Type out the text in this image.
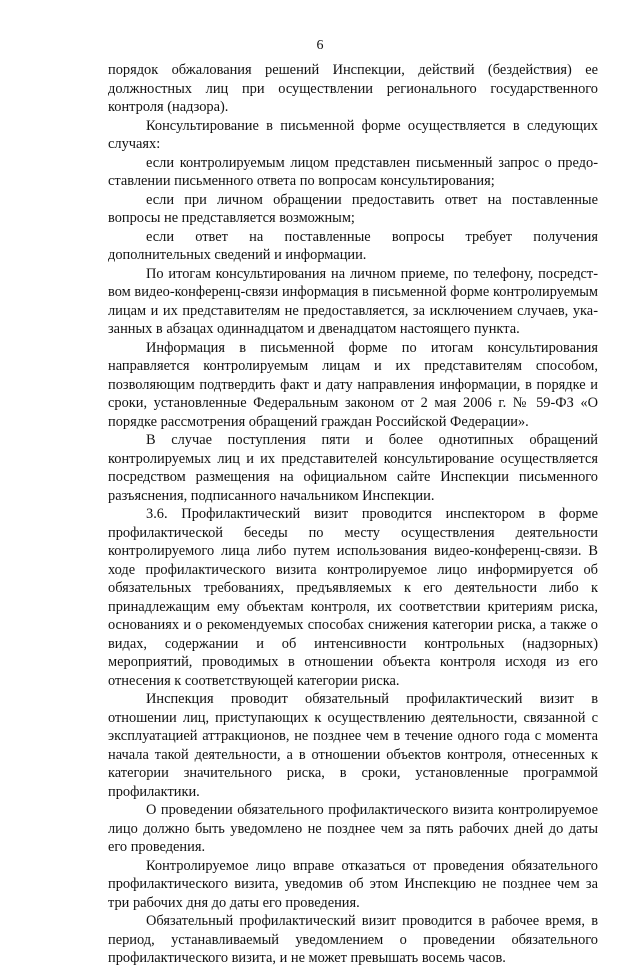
6

порядок обжалования решений Инспекции, действий (бездействия) ее должностных лиц при осуществлении регионального государственного контроля (надзора).

Консультирование в письменной форме осуществляется в следующих случаях:

если контролируемым лицом представлен письменный запрос о предоставлении письменного ответа по вопросам консультирования;

если при личном обращении предоставить ответ на поставленные вопросы не представляется возможным;

если ответ на поставленные вопросы требует получения дополнительных сведений и информации.

По итогам консультирования на личном приеме, по телефону, посредством видео-конференц-связи информация в письменной форме контролируемым лицам и их представителям не предоставляется, за исключением случаев, указанных в абзацах одиннадцатом и двенадцатом настоящего пункта.

Информация в письменной форме по итогам консультирования направляется контролируемым лицам и их представителям способом, позволяющим подтвердить факт и дату направления информации, в порядке и сроки, установленные Федеральным законом от 2 мая 2006 г. № 59-ФЗ «О порядке рассмотрения обращений граждан Российской Федерации».

В случае поступления пяти и более однотипных обращений контролируемых лиц и их представителей консультирование осуществляется посредством размещения на официальном сайте Инспекции письменного разъяснения, подписанного начальником Инспекции.

3.6. Профилактический визит проводится инспектором в форме профилактической беседы по месту осуществления деятельности контролируемого лица либо путем использования видео-конференц-связи. В ходе профилактического визита контролируемое лицо информируется об обязательных требованиях, предъявляемых к его деятельности либо к принадлежащим ему объектам контроля, их соответствии критериям риска, основаниях и о рекомендуемых способах снижения категории риска, а также о видах, содержании и об интенсивности контрольных (надзорных) мероприятий, проводимых в отношении объекта контроля исходя из его отнесения к соответствующей категории риска.

Инспекция проводит обязательный профилактический визит в отношении лиц, приступающих к осуществлению деятельности, связанной с эксплуатацией аттракционов, не позднее чем в течение одного года с момента начала такой деятельности, а в отношении объектов контроля, отнесенных к категории значительного риска, в сроки, установленные программой профилактики.

О проведении обязательного профилактического визита контролируемое лицо должно быть уведомлено не позднее чем за пять рабочих дней до даты его проведения.

Контролируемое лицо вправе отказаться от проведения обязательного профилактического визита, уведомив об этом Инспекцию не позднее чем за три рабочих дня до даты его проведения.

Обязательный профилактический визит проводится в рабочее время, в период, устанавливаемый уведомлением о проведении обязательного профилактического визита, и не может превышать восемь часов.
